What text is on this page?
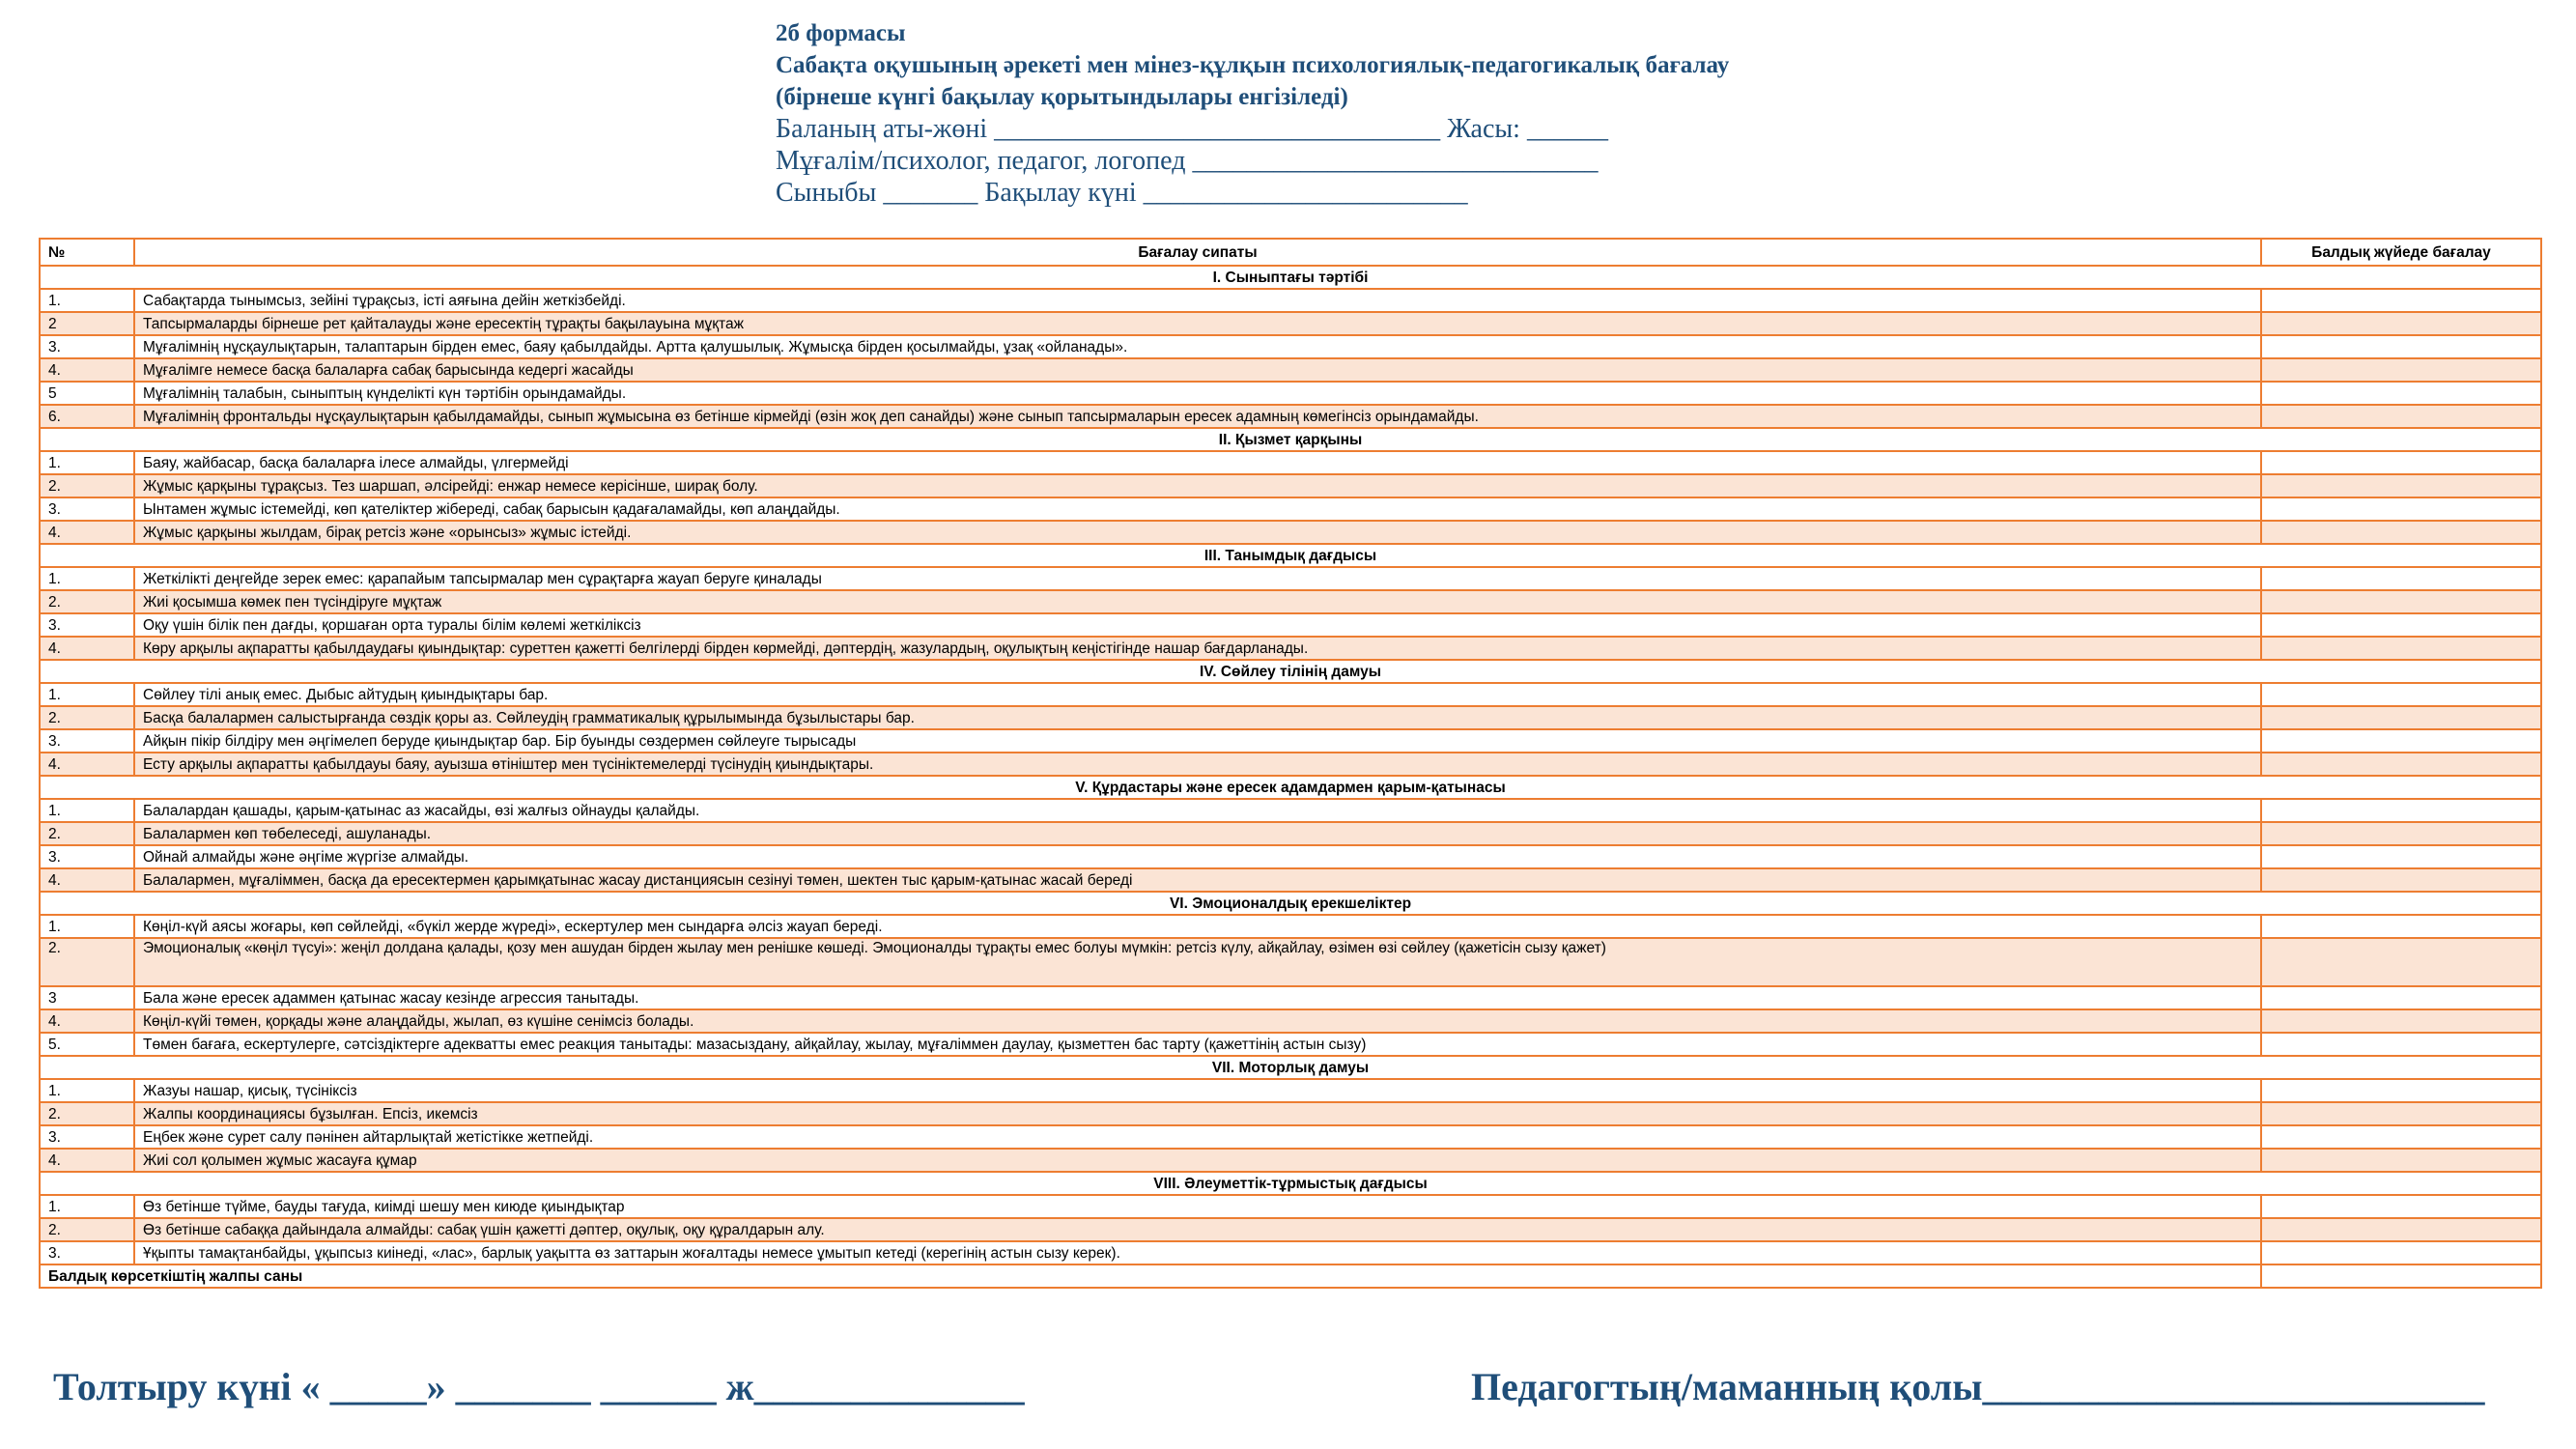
2б формасы
Сабақта оқушының әрекеті мен мінез-құлқын психологиялық-педагогикалық бағалау
(бірнеше күнгі бақылау қорытындылары енгізіледі)
Баланың аты-жөні _________________________________ Жасы: ______
Мұғалім/психолог, педагог, логопед ______________________________
Сыныбы _______ Бақылау күні ________________________
№	Бағалау сипаты	Балдық жүйеде бағалау
I. Сыныптағы тәртібі		
1.	Сабақтарда тынымсыз, зейіні тұрақсыз, істі аяғына дейін жеткізбейді.	
2	Тапсырмаларды бірнеше рет қайталауды және ересектің тұрақты бақылауына мұқтаж	
3.	Мұғалімнің нұсқаулықтарын, талаптарын бірден емес, баяу қабылдайды. Артта қалушылық. Жұмысқа бірден қосылмайды, ұзақ «ойланады».	
4.	Мұғалімге немесе басқа балаларға сабақ барысында кедергі жасайды	
5	Мұғалімнің талабын, сыныптың күнделікті күн тәртібін орындамайды.	
6.	Мұғалімнің фронтальды нұсқаулықтарын қабылдамайды, сынып жұмысына өз бетінше кірмейді (өзін жоқ деп санайды) және сынып тапсырмаларын ересек адамның көмегінсіз орындамайды.	
II. Қызмет қарқыны		
1.	Баяу, жайбасар, басқа балаларға ілесе алмайды, үлгермейді	
2.	Жұмыс қарқыны тұрақсыз. Тез шаршап, әлсірейді: енжар немесе керісінше, ширақ болу.	
3.	Ынтамен жұмыс істемейді, көп қателіктер жібереді, сабақ барысын қадағаламайды, көп алаңдайды.	
4.	Жұмыс қарқыны жылдам, бірақ ретсіз және «орынсыз» жұмыс істейді.	
III. Танымдық дағдысы		
1.	Жеткілікті деңгейде зерек емес: қарапайым тапсырмалар мен сұрақтарға жауап беруге қиналады	
2.	Жиі қосымша көмек пен түсіндіруге мұқтаж	
3.	Оқу үшін білік пен дағды, қоршаған орта туралы білім көлемі жеткіліксіз	
4.	Көру арқылы ақпаратты қабылдаудағы қиындықтар: суреттен қажетті белгілерді бірден көрмейді, дәптердің, жазулардың, оқулықтың кеңістігінде нашар бағдарланады.	
IV. Сөйлеу тілінің дамуы		
1.	Сөйлеу тілі анық емес. Дыбыс айтудың қиындықтары бар.	
2.	Басқа балалармен салыстырғанда сөздік қоры аз. Сөйлеудің грамматикалық құрылымында бұзылыстары бар.	
3.	Айқын пікір білдіру мен әңгімелеп беруде қиындықтар бар. Бір буынды сөздермен сөйлеуге тырысады	
4.	Есту арқылы ақпаратты қабылдауы баяу, ауызша өтініштер мен түсініктемелерді түсінудің қиындықтары.	
V. Құрдастары және ересек адамдармен қарым-қатынасы		
1.	Балалардан қашады, қарым-қатынас аз жасайды, өзі жалғыз ойнауды қалайды.	
2.	Балалармен көп төбелеседі, ашуланады.	
3.	Ойнай алмайды және әңгіме жүргізе алмайды.	
4.	Балалармен, мұғаліммен, басқа да ересектермен қарымқатынас жасау дистанциясын сезінуі төмен, шектен тыс қарым-қатынас жасай береді	
VI. Эмоционалдық ерекшеліктер		
1.	Көңіл-күй аясы жоғары, көп сөйлейді, «бүкіл жерде жүреді», ескертулер мен сындарға әлсіз жауап береді.	
2.	Эмоционалық «көңіл түсуі»: жеңіл долдана қалады, қозу мен ашудан бірден жылау мен ренішке көшеді. Эмоционалды тұрақты емес болуы мүмкін: ретсіз күлу, айқайлау, өзімен өзі сөйлеу (қажетісін сызу қажет)	
3	Бала және ересек адаммен қатынас жасау кезінде агрессия танытады.	
4.	Көңіл-күйі төмен, қорқады және алаңдайды, жылап, өз күшіне сенімсіз болады.	
5.	Төмен бағаға, ескертулерге, сәтсіздіктерге адекватты емес реакция танытады: мазасыздану, айқайлау, жылау, мұғаліммен даулау, қызметтен бас тарту (қажеттінің астын сызу)	
VII. Моторлық дамуы		
1.	Жазуы нашар, қисық, түсініксіз	
2.	Жалпы координациясы бұзылған. Епсіз, икемсіз	
3.	Еңбек және сурет салу пәнінен айтарлықтай жетістікке жетпейді.	
4.	Жиі сол қолымен жұмыс жасауға құмар	
VIII. Әлеуметтік-тұрмыстық дағдысы		
1.	Өз бетінше түйме, бауды тағуда, киімді шешу мен киюде қиындықтар	
2.	Өз бетінше сабаққа дайындала алмайды: сабақ үшін қажетті дәптер, оқулық, оқу құралдарын алу.	
3.	Ұқыпты тамақтанбайды, ұқыпсыз киінеді, «лас», барлық уақытта өз заттарын жоғалтады немесе ұмытып кетеді (керегінің астын сызу керек).	
Балдық көрсеткіштің жалпы саны		
Толтыру күні « _____» _______ ______ ж______________	Педагогтың/маманның қолы__________________________
